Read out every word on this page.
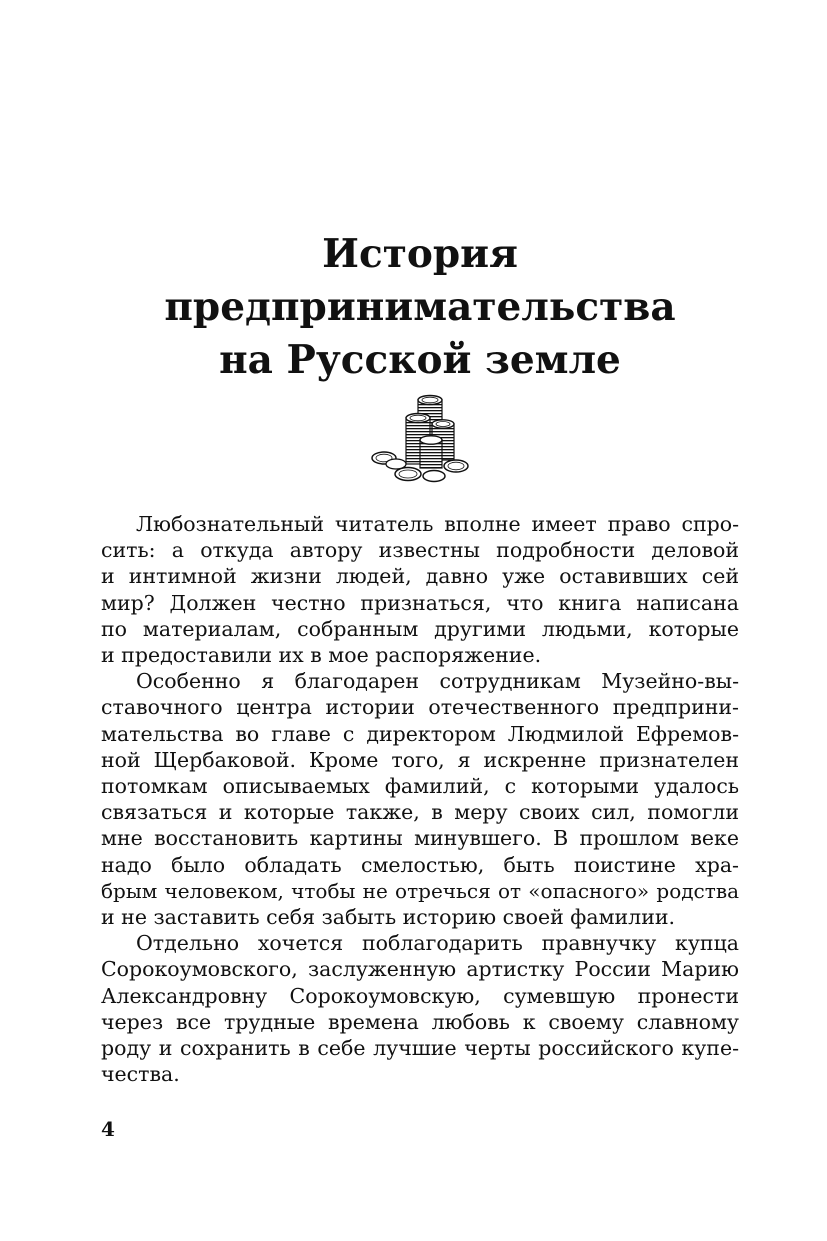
История
предпринимательства
на Русской земле

Любознательный читатель вполне имеет право спро-

сить: а откуда автору известны подробности деловой

и интимной жизни людей, давно уже оставивших сей

мир? Должен честно признаться, что книга написана

по материалам, собранным другими людьми, которые

и предоставили их в мое распоряжение.

Особенно я благодарен сотрудникам Музейно-вы-

ставочного центра истории отечественного предприни-

мательства во главе с директором Людмилой Ефремов-

ной Щербаковой. Кроме того, я искренне признателен

потомкам описываемых фамилий, с которыми удалось

связаться и которые также, в меру своих сил, помогли

мне восстановить картины минувшего. В прошлом веке

надо было обладать смелостью, быть поистине хра-

брым человеком, чтобы не отречься от «опасного» родства

и не заставить себя забыть историю своей фамилии.

Отдельно хочется поблагодарить правнучку купца

Сорокоумовского, заслуженную артистку России Марию

Александровну Сорокоумовскую, сумевшую пронести

через все трудные времена любовь к своему славному

роду и сохранить в себе лучшие черты российского купе-

чества.

4
